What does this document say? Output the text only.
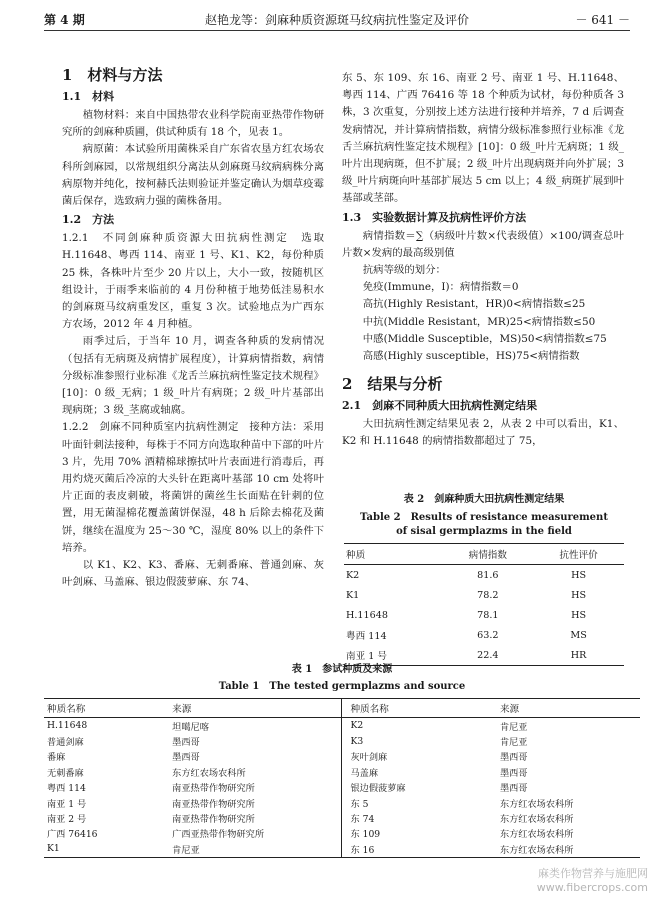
第 4 期	赵艳龙等：剑麻种质资源斑马纹病抗性鉴定及评价	－ 641 －
1　材料与方法
1.1　材料

植物材料：来自中国热带农业科学院南亚热带作物研究所的剑麻种质圃，供试种质有 18 个，见表 1。

病原菌：本试验所用菌株采自广东省农垦方红农场农科所剑麻园，以常规组织分离法从剑麻斑马纹病病株分离病原物并纯化，按柯赫氏法则验证并鉴定确认为烟草疫霉菌后保存，选致病力强的菌株备用。

1.2　方法

1.2.1　不同剑麻种质资源大田抗病性测定　选取 H.11648、粤西 114、南亚 1 号、K1、K2，每份种质 25 株，各株叶片至少 20 片以上，大小一致，按随机区组设计，于雨季来临前的 4 月份种植于地势低洼易积水的剑麻斑马纹病重发区，重复 3 次。试验地点为广西东方农场，2012 年 4 月种植。

雨季过后，于当年 10 月，调查各种质的发病情况（包括有无病斑及病情扩展程度），计算病情指数，病情分级标准参照行业标准《龙舌兰麻抗病性鉴定技术规程》[10]：0 级_无病；1 级_叶片有病斑；2 级_叶片基部出现病斑；3 级_茎腐或轴腐。

1.2.2　剑麻不同种质室内抗病性测定　接种方法：采用叶面针刺法接种，每株于不同方向选取种苗中下部的叶片 3 片，先用 70% 酒精棉球擦拭叶片表面进行消毒后，再用灼烧灭菌后冷凉的大头针在距离叶基部 10 cm 处将叶片正面的表皮刺破，将菌饼的菌丝生长面贴在针刺的位置，用无菌湿棉花覆盖菌饼保湿，48 h 后除去棉花及菌饼，继续在温度为 25～30 ℃，湿度 80% 以上的条件下培养。

以 K1、K2、K3、番麻、无刺番麻、普通剑麻、灰叶剑麻、马盖麻、银边假菠萝麻、东 74、

东 5、东 109、东 16、南亚 2 号、南亚 1 号、H.11648、粤西 114、广西 76416 等 18 个种质为试材，每份种质各 3 株，3 次重复，分别按上述方法进行接种并培养，7 d 后调查发病情况，并计算病情指数，病情分级标准参照行业标准《龙舌兰麻抗病性鉴定技术规程》[10]：0 级_叶片无病斑；1 级_叶片出现病斑，但不扩展；2 级_叶片出现病斑并向外扩展；3 级_叶片病斑向叶基部扩展达 5 cm 以上；4 级_病斑扩展到叶基部或茎部。

1.3　实验数据计算及抗病性评价方法

病情指数＝∑（病级叶片数×代表级值）×100/调查总叶片数×发病的最高级别值

抗病等级的划分：

免疫(Immune，I)：病情指数＝0

高抗(Highly Resistant，HR)0<病情指数≤25

中抗(Middle Resistant，MR)25<病情指数≤50

中感(Middle Susceptible，MS)50<病情指数≤75

高感(Highly susceptible，HS)75<病情指数

2　结果与分析
2.1　剑麻不同种质大田抗病性测定结果

大田抗病性测定结果见表 2，从表 2 中可以看出，K1、K2 和 H.11648 的病情指数都超过了 75，

表 2　剑麻种质大田抗病性测定结果
Table 2　Results of resistance measurement
of sisal germplazms in the field
种质	病情指数	抗性评价
K2	81.6	HS
K1	78.2	HS
H.11648	78.1	HS
粤西 114	63.2	MS
南亚 1 号	22.4	HR
表 1　参试种质及来源
Table 1　The tested germplazms and source
种质名称	来源	种质名称	来源
H.11648	坦噶尼喀	K2	肯尼亚
普通剑麻	墨西哥	K3	肯尼亚
番麻	墨西哥	灰叶剑麻	墨西哥
无刺番麻	东方红农场农科所	马盖麻	墨西哥
粤西 114	南亚热带作物研究所	银边假菠萝麻	墨西哥
南亚 1 号	南亚热带作物研究所	东 5	东方红农场农科所
南亚 2 号	南亚热带作物研究所	东 74	东方红农场农科所
广西 76416	广西亚热带作物研究所	东 109	东方红农场农科所
K1	肯尼亚	东 16	东方红农场农科所
麻类作物营养与施肥网
www.fibercrops.com
